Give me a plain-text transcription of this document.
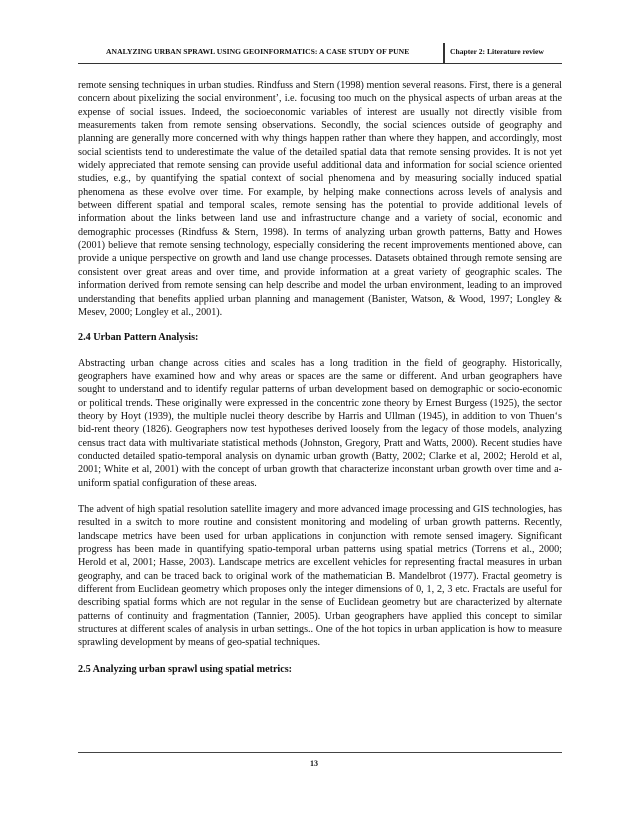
ANALYZING URBAN SPRAWL USING GEOINFORMATICS: A CASE STUDY OF PUNE	Chapter 2: Literature review

remote sensing techniques in urban studies. Rindfuss and Stern (1998) mention several reasons. First, there is a general concern about pixelizing the social environment’, i.e. focusing too much on the physical aspects of urban areas at the expense of social issues. Indeed, the socioeconomic variables of interest are usually not directly visible from measurements taken from remote sensing observations. Secondly, the social sciences outside of geography and planning are generally more concerned with why things happen rather than where they happen, and accordingly, most social scientists tend to underestimate the value of the detailed spatial data that remote sensing provides. It is not yet widely appreciated that remote sensing can provide useful additional data and information for social science oriented studies, e.g., by quantifying the spatial context of social phenomena and by measuring socially induced spatial phenomena as these evolve over time. For example, by helping make connections across levels of analysis and between different spatial and temporal scales, remote sensing has the potential to provide additional levels of information about the links between land use and infrastructure change and a variety of social, economic and demographic processes (Rindfuss & Stern, 1998). In terms of analyzing urban growth patterns, Batty and Howes (2001) believe that remote sensing technology, especially considering the recent improvements mentioned above, can provide a unique perspective on growth and land use change processes. Datasets obtained through remote sensing are consistent over great areas and over time, and provide information at a great variety of geographic scales. The information derived from remote sensing can help describe and model the urban environment, leading to an improved understanding that benefits applied urban planning and management (Banister, Watson, & Wood, 1997; Longley & Mesev, 2000; Longley et al., 2001).

2.4 Urban Pattern Analysis:

Abstracting urban change across cities and scales has a long tradition in the field of geography. Historically, geographers have examined how and why areas or spaces are the same or different. And urban geographers have sought to understand and to identify regular patterns of urban development based on demographic or socio-economic or political trends. These originally were expressed in the concentric zone theory by Ernest Burgess (1925), the sector theory by Hoyt (1939), the multiple nuclei theory describe by Harris and Ullman (1945), in addition to von Thuen‘s bid-rent theory (1826). Geographers now test hypotheses derived loosely from the legacy of those models, analyzing census tract data with multivariate statistical methods (Johnston, Gregory, Pratt and Watts, 2000). Recent studies have conducted detailed spatio-temporal analysis on dynamic urban growth (Batty, 2002; Clarke et al, 2002; Herold et al, 2001; White et al, 2001) with the concept of urban growth that characterize inconstant urban growth over time and a-uniform spatial configuration of these areas.

The advent of high spatial resolution satellite imagery and more advanced image processing and GIS technologies, has resulted in a switch to more routine and consistent monitoring and modeling of urban growth patterns. Recently, landscape metrics have been used for urban applications in conjunction with remote sensed imagery. Significant progress has been made in quantifying spatio-temporal urban patterns using spatial metrics (Torrens et al., 2000; Herold et al, 2001; Hasse, 2003). Landscape metrics are excellent vehicles for representing fractal measures in urban geography, and can be traced back to original work of the mathematician B. Mandelbrot (1977). Fractal geometry is different from Euclidean geometry which proposes only the integer dimensions of 0, 1, 2, 3 etc. Fractals are useful for describing spatial forms which are not regular in the sense of Euclidean geometry but are characterized by alternate patterns of continuity and fragmentation (Tannier, 2005). Urban geographers have applied this concept to similar structures at different scales of analysis in urban settings.. One of the hot topics in urban application is how to measure sprawling development by means of geo-spatial techniques.

2.5 Analyzing urban sprawl using spatial metrics:

13
